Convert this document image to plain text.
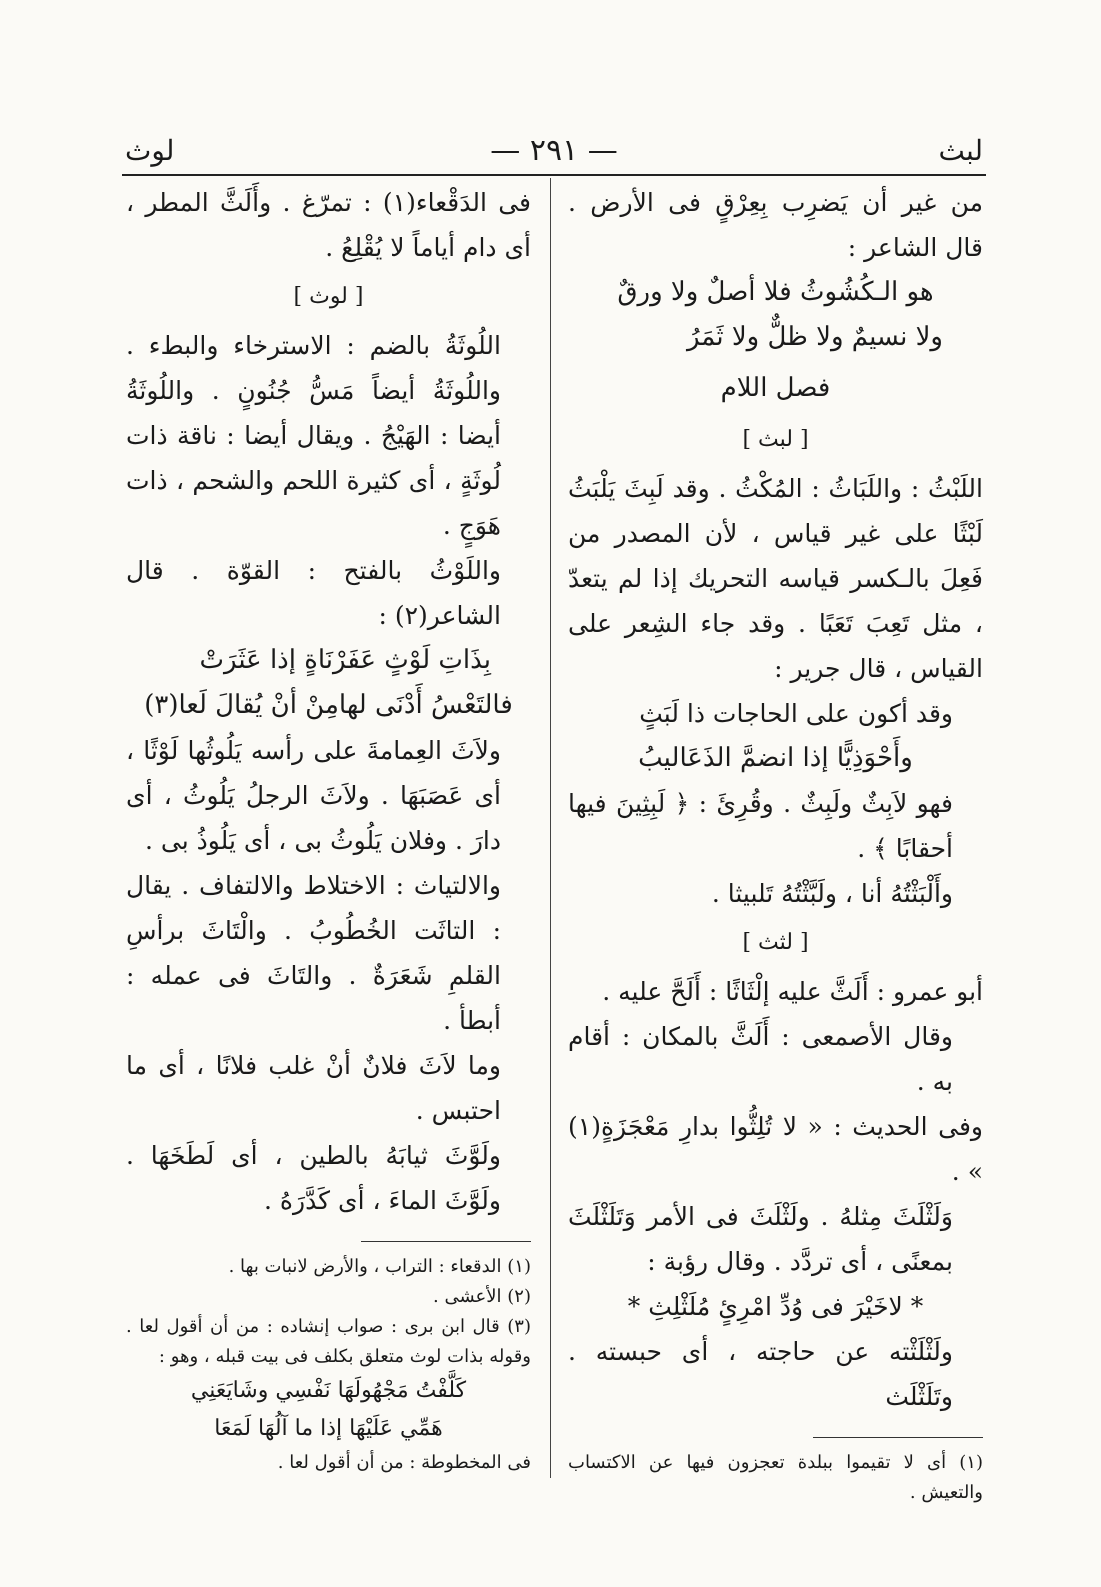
لبث
— ٢٩١ —
لوث

من غير أن يَضرِب بِعِرْقٍ فى الأرض . قال الشاعر :

هو الـكُشُوثُ فلا أصلٌ ولا ورقٌ

ولا نسيمٌ ولا ظلٌّ ولا ثَمَرُ

فصل اللام

[ لبث ]

اللَبْثُ : واللَبَاثُ : المُكْثُ . وقد لَبِثَ يَلْبَثُ لَبْثًا على غير قياس ، لأن المصدر من فَعِلَ بالـكسر قياسه التحريك إذا لم يتعدّ ، مثل تَعِبَ تَعَبًا . وقد جاء الشِعر على القياس ، قال جرير :

وقد أكون على الحاجات ذا لَبَثٍ

وأَحْوَذِيًّا إذا انضمَّ الذَعَاليبُ

فهو لاَبِثٌ ولَبِثٌ . وقُرِئَ : ﴿ لَبِثِينَ فيها أحقابًا ﴾ .

وأَلْبَثْتُهُ أنا ، ولَبَّثْتُهُ تَلبيثا .

[ لثث ]

أبو عمرو : أَلَثَّ عليه إلْثَاثًا : أَلَحَّ عليه .

وقال الأصمعى : أَلَثَّ بالمكان : أقام به .

وفى الحديث : « لا تُلِثُّوا بدارِ مَعْجَزَةٍ(١) » .

وَلَثْلَثَ مِثلهُ . ولَثْلَثَ فى الأمر وَتَلَثْلَثَ بمعنًى ، أى تردَّد . وقال رؤبة :

* لاخَيْرَ فى وُدِّ امْرِئٍ مُلَثْلِثِ *

ولَثْلَثْته عن حاجته ، أى حبسته . وتَلَثْلَث

(١) أى لا تقيموا ببلدة تعجزون فيها عن الاكتساب والتعيش .

فى الدَقْعاء(١) : تمرّغ . وأَلَثَّ المطر ، أى دام أياماً لا يُقْلِعُ .

[ لوث ]

اللُوثَةُ بالضم : الاسترخاء والبطء . واللُوثَةُ أيضاً مَسُّ جُنُونٍ . واللُوثَةُ أيضا : الهَيْجُ . ويقال أيضا : ناقة ذات لُوثَةٍ ، أى كثيرة اللحم والشحم ، ذات هَوَجٍ .

واللَوْثُ بالفتح : القوّة . قال الشاعر(٢) :

بِذَاتِ لَوْثٍ عَفَرْنَاةٍ إذا عَثَرَتْ

فالتَعْسُ أَدْنَى لهامِنْ أنْ يُقالَ لَعا(٣)

ولاَثَ العِمامةَ على رأسه يَلُوثُها لَوْثًا ، أى عَصَبَهَا . ولاَثَ الرجلُ يَلُوثُ ، أى دارَ . وفلان يَلُوثُ بى ، أى يَلُوذُ بى .

والالتياث : الاختلاط والالتفاف . يقال : التاثَت الخُطُوبُ . والْتَاثَ برأسِ القلمِ شَعَرَةٌ . والتَاثَ فى عمله : أبطأ .

وما لاَثَ فلانٌ أنْ غلب فلانًا ، أى ما احتبس .

ولَوَّثَ ثيابَهُ بالطين ، أى لَطَخَهَا . ولَوَّثَ الماءَ ، أى كَدَّرَهُ .

(١) الدقعاء : التراب ، والأرض لانبات بها .

(٢) الأعشى .

(٣) قال ابن برى : صواب إنشاده : من أن أقول لعا . وقوله بذات لوث متعلق بكلف فى بيت قبله ، وهو :

كَلَّفْتُ مَجْهُولَهَا نَفْسِي وشَايَعَنِي

هَمِّي عَلَيْهَا إذا ما آلُهَا لَمَعَا

فى المخطوطة : من أن أقول لعا .
